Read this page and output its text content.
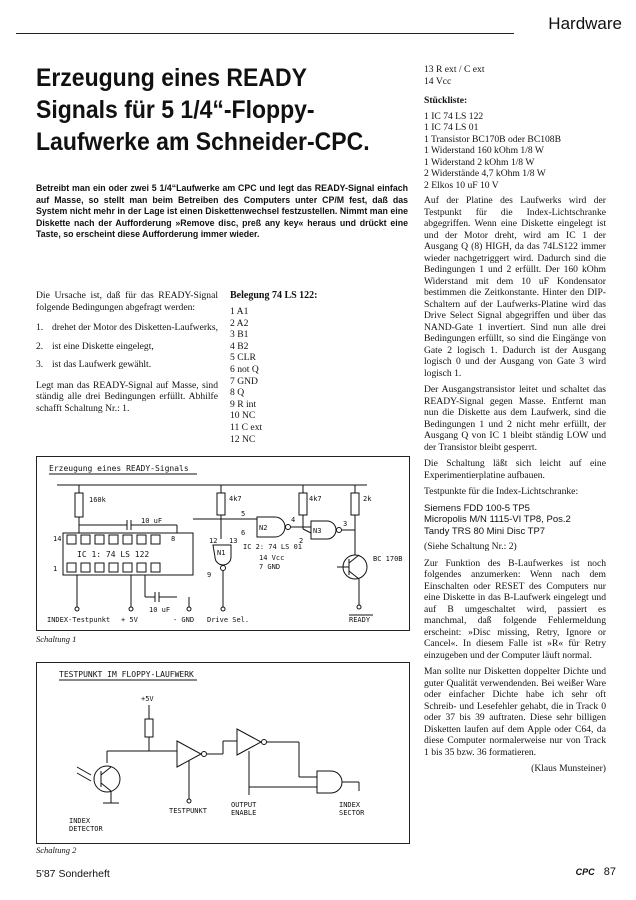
Hardware
Erzeugung eines READY
Signals für 5 1/4“-Floppy-
Laufwerke am Schneider-CPC.
Betreibt man ein oder zwei 5 1/4“Laufwerke am CPC und legt das READY-Signal einfach auf Masse, so stellt man beim Betreiben des Computers unter CP/M fest, daß das System nicht mehr in der Lage ist einen Diskettenwechsel festzustellen. Nimmt man eine Diskette nach der Aufforderung »Remove disc, preß any key« heraus und drückt eine Taste, so erscheint diese Aufforderung immer wieder.

Die Ursache ist, daß für das READY-Signal folgende Bedingungen abgefragt werden:

1. drehet der Motor des Disketten-Laufwerks,
2. ist eine Diskette eingelegt,
3. ist das Laufwerk gewählt.

Legt man das READY-Signal auf Masse, sind ständig alle drei Bedingungen erfüllt. Abhilfe schafft Schaltung Nr.: 1.

Belegung 74 LS 122:
1 A1
2 A2
3 B1
4 B2
5 CLR
6 not Q
7 GND
8 Q
9 R int
10 NC
11 C ext
12 NC
13 R ext / C ext
14 Vcc
Stückliste:
1 IC 74 LS 122
1 IC 74 LS 01
1 Transistor BC170B oder BC108B
1 Widerstand 160 kOhm 1/8 W
1 Widerstand 2 kOhm 1/8 W
2 Widerstände 4,7 kOhm 1/8 W
2 Elkos 10 uF 10 V

Auf der Platine des Laufwerks wird der Testpunkt für die Index-Lichtschranke abgegriffen. Wenn eine Diskette eingelegt ist und der Motor dreht, wird am IC 1 der Ausgang Q (8) HIGH, da das 74LS122 immer wieder nachgetriggert wird. Dadurch sind die Bedingungen 1 und 2 erfüllt. Der 160 kOhm Widerstand mit dem 10 uF Kondensator bestimmen die Zeitkonstante. Hinter den DIP-Schaltern auf der Laufwerks-Platine wird das Drive Select Signal abgegriffen und über das NAND-Gate 1 invertiert. Sind nun alle drei Bedingungen erfüllt, so sind die Eingänge von Gate 2 logisch 1. Dadurch ist der Ausgang logisch 0 und der Ausgang von Gate 3 wird logisch 1.

Der Ausgangstransistor leitet und schaltet das READY-Signal gegen Masse. Entfernt man nun die Diskette aus dem Laufwerk, sind die Bedingungen 1 und 2 nicht mehr erfüllt, der Ausgang Q von IC 1 bleibt ständig LOW und der Transistor bleibt gesperrt.

Die Schaltung läßt sich leicht auf eine Experimentierplatine aufbauen.

Testpunkte für die Index-Lichtschranke:

Siemens FDD 100-5 TP5
Micropolis M/N 1115-VI TP8, Pos.2
Tandy TRS 80 Mini Disc TP7

(Siehe Schaltung Nr.: 2)

Zur Funktion des B-Laufwerkes ist noch folgendes anzumerken: Wenn nach dem Einschalten oder RESET des Computers nur eine Diskette in das B-Laufwerk eingelegt und auf B umgeschaltet wird, passiert es manchmal, daß folgende Fehlermeldung erscheint: »Disc missing, Retry, Ignore or Cancel«. In diesem Falle ist »R« für Retry einzugeben und der Computer läuft normal.

Man sollte nur Disketten doppelter Dichte und guter Qualität verwendenden. Bei weißer Ware oder einfacher Dichte habe ich sehr oft Schreib- und Lesefehler gehabt, die in Track 0 oder 37 bis 39 auftraten. Diese sehr billigen Disketten laufen auf dem Apple oder C64, da diese Computer normalerweise nur von Track 1 bis 35 bzw. 36 formatieren.

(Klaus Munsteiner)
Erzeugung eines READY-Signals
160k
10 uF
14	8
1
IC 1: 74 LS 122
4k7	4k7	2k
N2
5
6
4
N3
2
3
N1
IC 2: 74 LS 01
14 Vcc
7 GND
12 13
9
BC 170B
10 uF
INDEX-Testpunkt + 5V	- GND Drive Sel.	READY
Schaltung 1
TESTPUNKT IM FLOPPY-LAUFWERK
+5V
INDEX
DETECTOR
TESTPUNKT
OUTPUT
ENABLE
INDEX
SECTOR
Schaltung 2
5'87 Sonderheft	CPC 87
